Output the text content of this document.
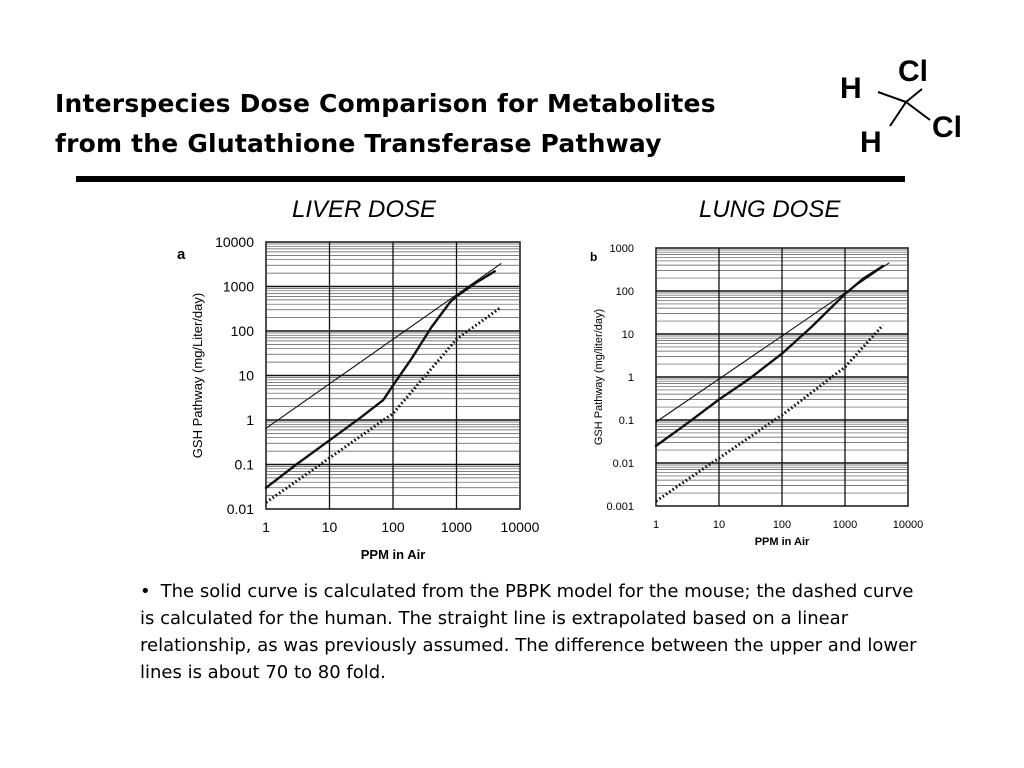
Interspecies Dose Comparison for Metabolites
from the Glutathione Transferase Pathway
Cl
H
Cl
H
LIVER DOSE	LUNG DOSE
1	10	100	1000 10000
0.01
0.1
1
10
100
1000
10000
a
PPM in Air
GSH Pathway (mg/Liter/day)
1	10	100	1000	10000
0.001
0.01
0.1
1
10
100
1000
b
PPM in Air
GSH Pathway (mg/liter/day)

• The solid curve is calculated from the PBPK model for the mouse; the dashed curve is calculated for the human. The straight line is extrapolated based on a linear relationship, as was previously assumed. The difference between the upper and lower lines is about 70 to 80 fold.
